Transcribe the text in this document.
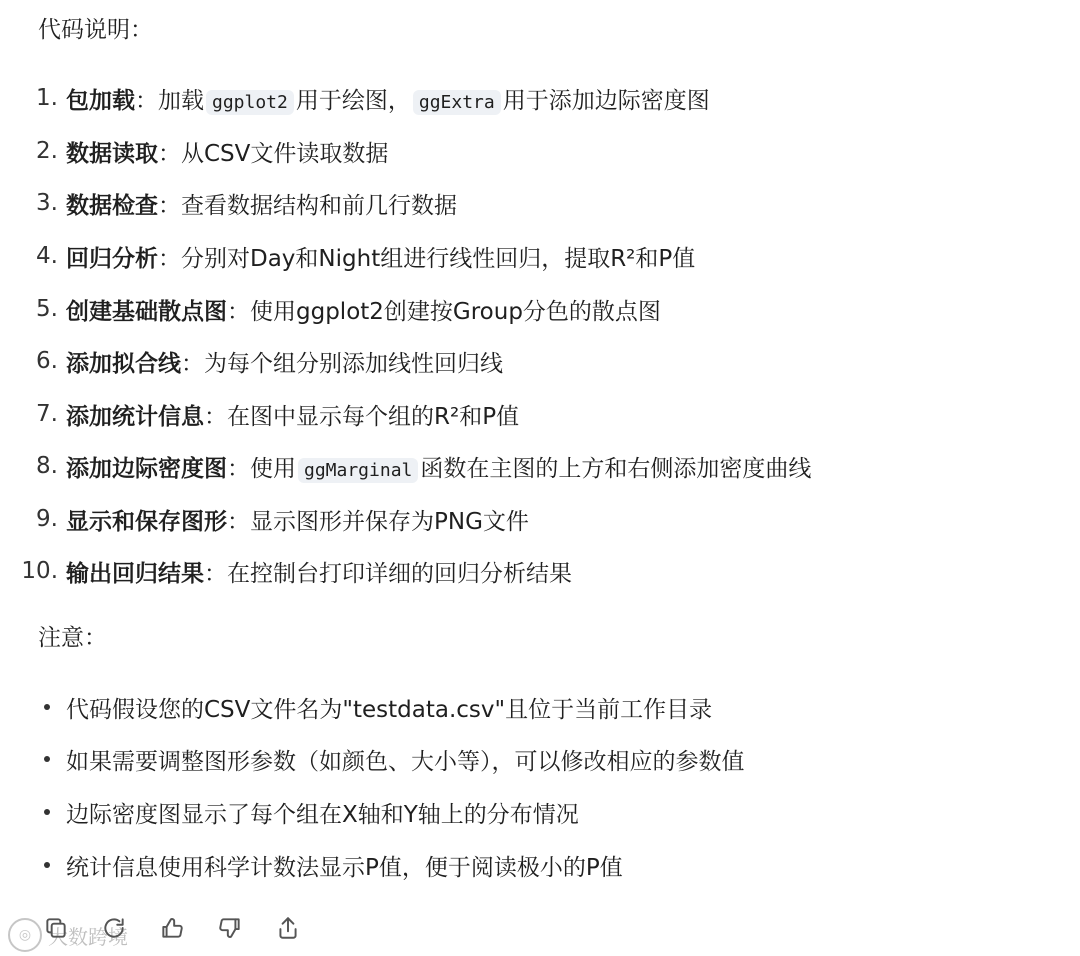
代码说明：
1. 包加载：加载 ggplot2 用于绘图， ggExtra 用于添加边际密度图
2. 数据读取：从CSV文件读取数据
3. 数据检查：查看数据结构和前几行数据
4. 回归分析：分别对Day和Night组进行线性回归，提取R²和P值
5. 创建基础散点图：使用ggplot2创建按Group分色的散点图
6. 添加拟合线：为每个组分别添加线性回归线
7. 添加统计信息：在图中显示每个组的R²和P值
8. 添加边际密度图：使用 ggMarginal 函数在主图的上方和右侧添加密度曲线
9. 显示和保存图形：显示图形并保存为PNG文件
10. 输出回归结果：在控制台打印详细的回归分析结果
注意：
代码假设您的CSV文件名为"testdata.csv"且位于当前工作目录
如果需要调整图形参数（如颜色、大小等），可以修改相应的参数值
边际密度图显示了每个组在X轴和Y轴上的分布情况
统计信息使用科学计数法显示P值，便于阅读极小的P值
◎ 大数跨境
